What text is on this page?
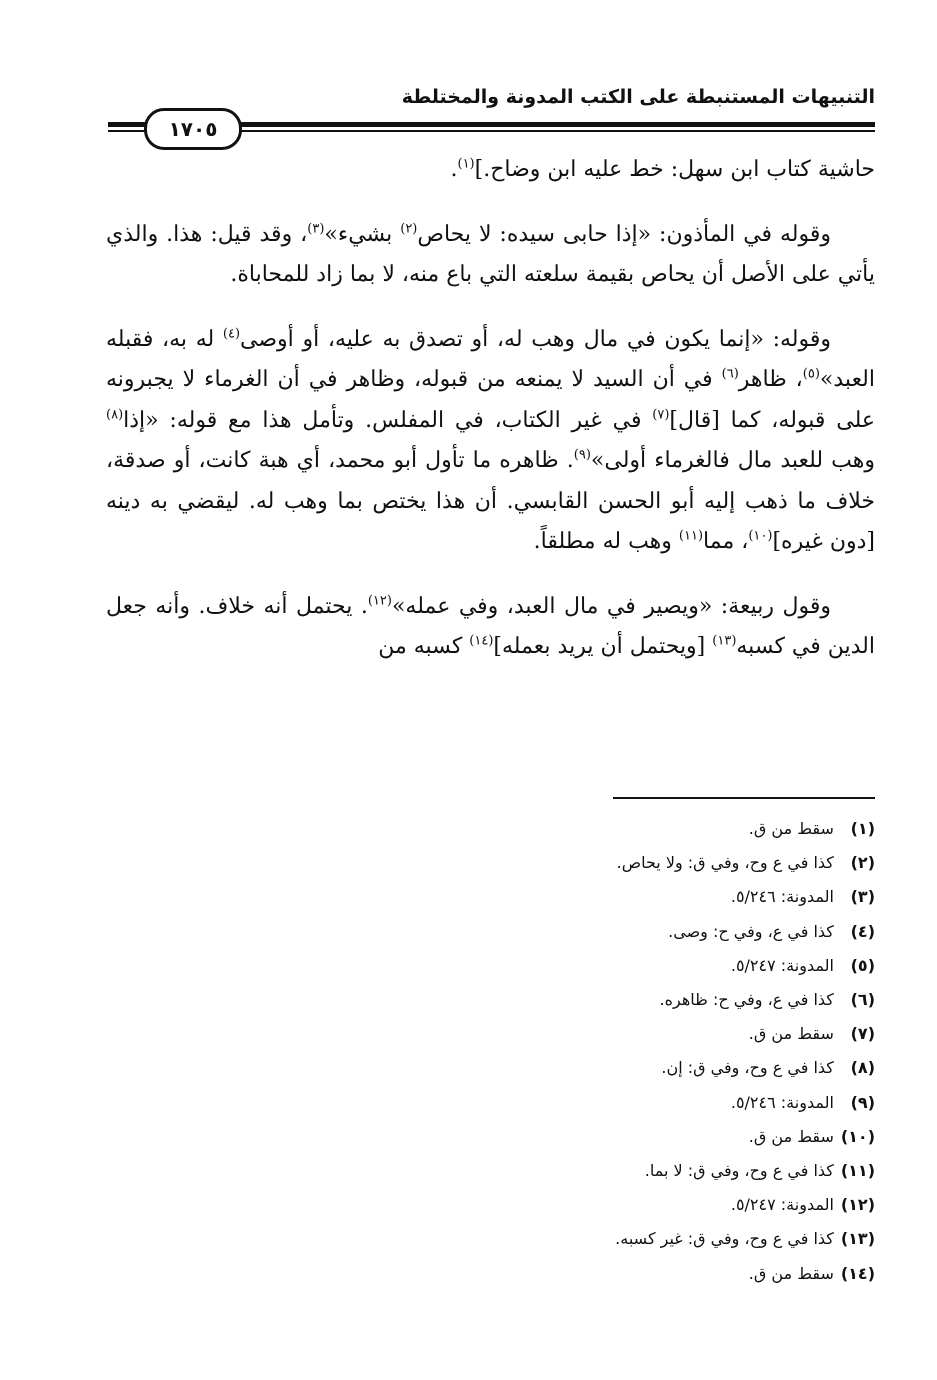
التنبيهات المستنبطة على الكتب المدونة والمختلطة
١٧٠٥

حاشية كتاب ابن سهل: خط عليه ابن وضاح.]$^{(١)}$.

وقوله في المأذون: «إذا حابى سيده: لا يحاص$^{(٢)}$ بشيء»$^{(٣)}$، وقد قيل: هذا. والذي يأتي على الأصل أن يحاص بقيمة سلعته التي باع منه، لا بما زاد للمحاباة.

وقوله: «إنما يكون في مال وهب له، أو تصدق به عليه، أو أوصى$^{(٤)}$ له به، فقبله العبد»$^{(٥)}$، ظاهر$^{(٦)}$ في أن السيد لا يمنعه من قبوله، وظاهر في أن الغرماء لا يجبرونه على قبوله، كما [قال]$^{(٧)}$ في غير الكتاب، في المفلس. وتأمل هذا مع قوله: «إذا$^{(٨)}$ وهب للعبد مال فالغرماء أولى»$^{(٩)}$. ظاهره ما تأول أبو محمد، أي هبة كانت، أو صدقة، خلاف ما ذهب إليه أبو الحسن القابسي. أن هذا يختص بما وهب له. ليقضي به دينه [دون غيره]$^{(١٠)}$، مما$^{(١١)}$ وهب له مطلقاً.

وقول ربيعة: «ويصير في مال العبد، وفي عمله»$^{(١٢)}$. يحتمل أنه خلاف. وأنه جعل الدين في كسبه$^{(١٣)}$ [ويحتمل أن يريد بعمله]$^{(١٤)}$ كسبه من

(١) سقط من ق.
(٢) كذا في ع وح، وفي ق: ولا يحاص.
(٣) المدونة: ٥/٢٤٦.
(٤) كذا في ع، وفي ح: وصى.
(٥) المدونة: ٥/٢٤٧.
(٦) كذا في ع، وفي ح: ظاهره.
(٧) سقط من ق.
(٨) كذا في ع وح، وفي ق: إن.
(٩) المدونة: ٥/٢٤٦.
(١٠) سقط من ق.
(١١) كذا في ع وح، وفي ق: لا بما.
(١٢) المدونة: ٥/٢٤٧.
(١٣) كذا في ع وح، وفي ق: غير كسبه.
(١٤) سقط من ق.
